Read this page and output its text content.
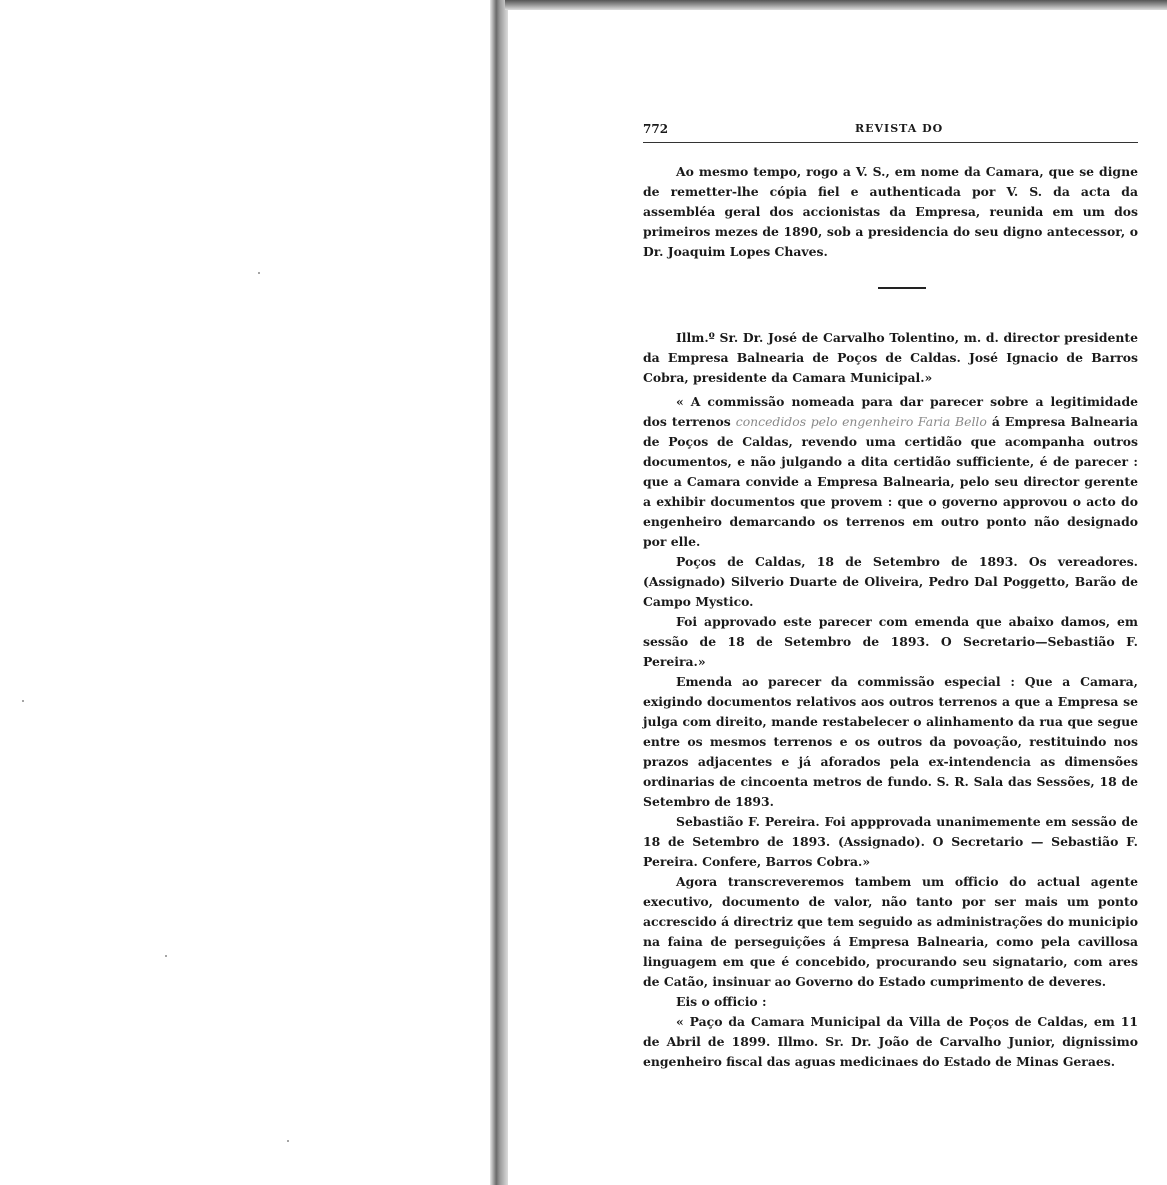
772	REVISTA DO

Ao mesmo tempo, rogo a V. S., em nome da Camara, que se digne de remetter-lhe cópia fiel e authenticada por V. S. da acta da assembléa geral dos accionistas da Empresa, reunida em um dos primeiros mezes de 1890, sob a presidencia do seu digno antecessor, o Dr. Joaquim Lopes Chaves.

Illm.º Sr. Dr. José de Carvalho Tolentino, m. d. director presidente da Empresa Balnearia de Poços de Caldas. José Ignacio de Barros Cobra, presidente da Camara Municipal.»

« A commissão nomeada para dar parecer sobre a legitimidade dos terrenos concedidos pelo engenheiro Faria Bello á Empresa Balnearia de Poços de Caldas, revendo uma certidão que acompanha outros documentos, e não julgando a dita certidão sufficiente, é de parecer : que a Camara convide a Empresa Balnearia, pelo seu director gerente a exhibir documentos que provem : que o governo approvou o acto do engenheiro demarcando os terrenos em outro ponto não designado por elle.

Poços de Caldas, 18 de Setembro de 1893. Os vereadores. (Assignado) Silverio Duarte de Oliveira, Pedro Dal Poggetto, Barão de Campo Mystico.

Foi approvado este parecer com emenda que abaixo damos, em sessão de 18 de Setembro de 1893. O Secretario—Sebastião F. Pereira.»

Emenda ao parecer da commissão especial : Que a Camara, exigindo documentos relativos aos outros terrenos a que a Empresa se julga com direito, mande restabelecer o alinhamento da rua que segue entre os mesmos terrenos e os outros da povoação, restituindo nos prazos adjacentes e já aforados pela ex-intendencia as dimensões ordinarias de cincoenta metros de fundo. S. R. Sala das Sessões, 18 de Setembro de 1893.

Sebastião F. Pereira. Foi appprovada unanimemente em sessão de 18 de Setembro de 1893. (Assignado). O Secretario — Sebastião F. Pereira. Confere, Barros Cobra.»

Agora transcreveremos tambem um officio do actual agente executivo, documento de valor, não tanto por ser mais um ponto accrescido á directriz que tem seguido as administrações do municipio na faina de perseguições á Empresa Balnearia, como pela cavillosa linguagem em que é concebido, procurando seu signatario, com ares de Catão, insinuar ao Governo do Estado cumprimento de deveres.

Eis o officio :

« Paço da Camara Municipal da Villa de Poços de Caldas, em 11 de Abril de 1899. Illmo. Sr. Dr. João de Carvalho Junior, dignissimo engenheiro fiscal das aguas medicinaes do Estado de Minas Geraes.
